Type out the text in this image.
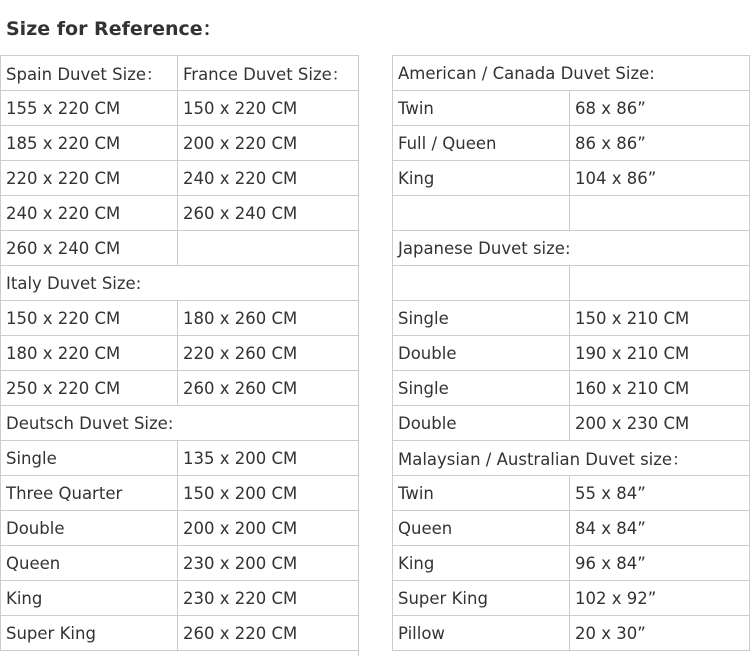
Size for Reference：
Spain Duvet Size：	France Duvet Size：
155 x 220 CM	150 x 220 CM
185 x 220 CM	200 x 220 CM
220 x 220 CM	240 x 220 CM
240 x 220 CM	260 x 240 CM
260 x 240 CM	
Italy Duvet Size:	
150 x 220 CM	180 x 260 CM
180 x 220 CM	220 x 260 CM
250 x 220 CM	260 x 260 CM
Deutsch Duvet Size:	
Single	135 x 200 CM
Three Quarter	150 x 200 CM
Double	200 x 200 CM
Queen	230 x 200 CM
King	230 x 220 CM
Super King	260 x 220 CM
American / Canada Duvet Size:	
Twin	68 x 86”
Full / Queen	86 x 86”
King	104 x 86”

Japanese Duvet size:	

Single	150 x 210 CM
Double	190 x 210 CM
Single	160 x 210 CM
Double	200 x 230 CM
Malaysian / Australian Duvet size：	
Twin	55 x 84”
Queen	84 x 84”
King	96 x 84”
Super King	102 x 92”
Pillow	20 x 30”
